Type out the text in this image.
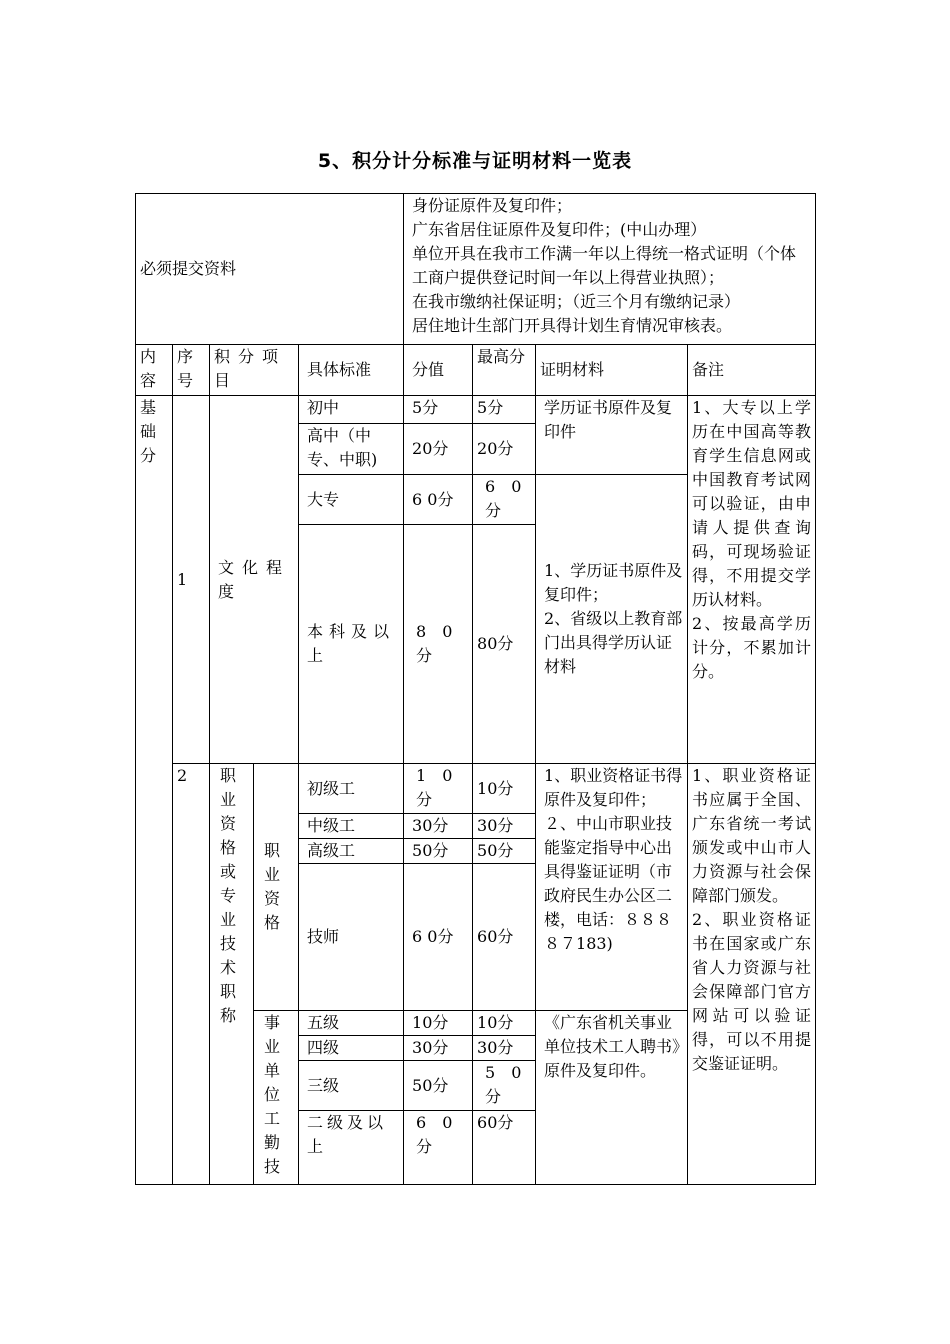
5、积分计分标准与证明材料一览表
必须提交资料					身份证原件及复印件；
广东省居住证原件及复印件；(中山办理）
单位开具在我市工作满一年以上得统一格式证明（个体工商户提供登记时间一年以上得营业执照）；
在我市缴纳社保证明；（近三个月有缴纳记录）
居住地计生部门开具得计划生育情况审核表。			

内容	序号	积分项目		具体标准	分值	最高分	证明材料	备注
基础分	1	文化程度		初中	5分	5分	学历证书原件及复印件	1、大专以上学历在中国高等教育学生信息网或中国教育考试网可以验证，由申请人提供查询码，可现场验证得，不用提交学历认材料。
2、按最高学历计分，不累加计分。
				高中（中专、中职)	20分	20分		
				大专	6 0分	6　0分	1、学历证书原件及复印件；
2、省级以上教育部门出具得学历认证材料	
				本科及以上	8　0分	80分		
	2	职业资格或专业技术职称	职业资格	初级工	1　0分	10分	1、职业资格证书得原件及复印件；
２、中山市职业技能鉴定指导中心出具得鉴证证明（市政府民生办公区二楼，电话：８８８８７183)	1、职业资格证书应属于全国、广东省统一考试颁发或中山市人力资源与社会保障部门颁发。
2、职业资格证书在国家或广东省人力资源与社会保障部门官方网站可以验证得，可以不用提交鉴证证明。
				中级工	30分	30分		
				高级工	50分	50分		
				技师	6 0分	60分		
			事业单位工勤技	五级	10分	10分	《广东省机关事业单位技术工人聘书》原件及复印件。	
				四级	30分	30分		
				三级	50分	5　0分		
				二级及以上	6　0分	60分		
